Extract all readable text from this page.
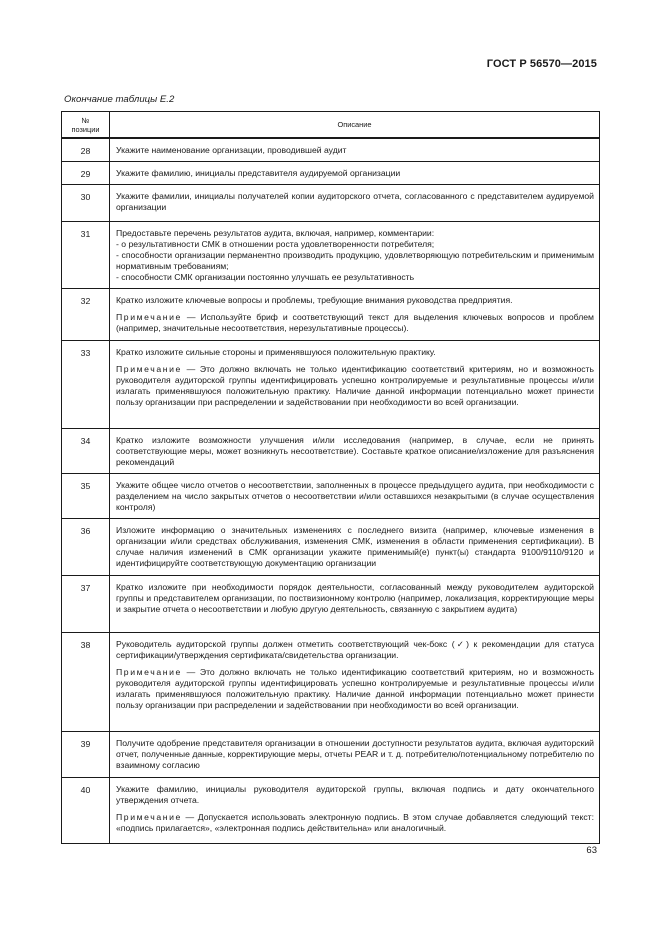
ГОСТ Р 56570—2015
Окончание таблицы Е.2
№
позиции	Описание
28	Укажите наименование организации, проводившей аудит

29	Укажите фамилию, инициалы представителя аудируемой организации

30	Укажите фамилии, инициалы получателей копии аудиторского отчета, согласованного с представителем аудируемой организации

31	Предоставьте перечень результатов аудита, включая, например, комментарии:

- о результативности СМК в отношении роста удовлетворенности потребителя;

- способности организации перманентно производить продукцию, удовлетворяющую потребительским и применимым нормативным требованиям;

- способности СМК организации постоянно улучшать ее результативность

32	Кратко изложите ключевые вопросы и проблемы, требующие внимания руководства предприятия.

Примечание — Используйте бриф и соответствующий текст для выделения ключевых вопросов и проблем (например, значительные несоответствия, нерезультативные процессы).

33	Кратко изложите сильные стороны и применявшуюся положительную практику.

Примечание — Это должно включать не только идентификацию соответствий критериям, но и возможность руководителя аудиторской группы идентифицировать успешно контролируемые и результативные процессы и/или излагать применявшуюся положительную практику. Наличие данной информации потенциально может принести пользу организации при распределении и задействовании при необходимости во всей организации.

34	Кратко изложите возможности улучшения и/или исследования (например, в случае, если не принять соответствующие меры, может возникнуть несоответствие). Составьте краткое описание/изложение для разъяснения рекомендаций

35	Укажите общее число отчетов о несоответствии, заполненных в процессе предыдущего аудита, при необходимости с разделением на число закрытых отчетов о несоответствии и/или оставшихся незакрытыми (в случае осуществления контроля)

36	Изложите информацию о значительных изменениях с последнего визита (например, ключевые изменения в организации и/или средствах обслуживания, изменения СМК, изменения в области применения сертификации). В случае наличия изменений в СМК организации укажите применимый(е) пункт(ы) стандарта 9100/9110/9120 и идентифицируйте соответствующую документацию организации

37	Кратко изложите при необходимости порядок деятельности, согласованный между руководителем аудиторской группы и представителем организации, по поствизионному контролю (например, локализация, корректирующие меры и закрытие отчета о несоответствии и любую другую деятельность, связанную с закрытием аудита)

38	Руководитель аудиторской группы должен отметить соответствующий чек-бокс (✓) к рекомендации для статуса сертификации/утверждения сертификата/свидетельства организации.

Примечание — Это должно включать не только идентификацию соответствий критериям, но и возможность руководителя аудиторской группы идентифицировать успешно контролируемые и результативные процессы и/или излагать применявшуюся положительную практику. Наличие данной информации потенциально может принести пользу организации при распределении и задействовании при необходимости во всей организации.

39	Получите одобрение представителя организации в отношении доступности результатов аудита, включая аудиторский отчет, полученные данные, корректирующие меры, отчеты PEAR и т. д. потребителю/потенциальному потребителю по взаимному согласию

40	Укажите фамилию, инициалы руководителя аудиторской группы, включая подпись и дату окончательного утверждения отчета.

Примечание — Допускается использовать электронную подпись. В этом случае добавляется следующий текст: «подпись прилагается», «электронная подпись действительна» или аналогичный.

63
